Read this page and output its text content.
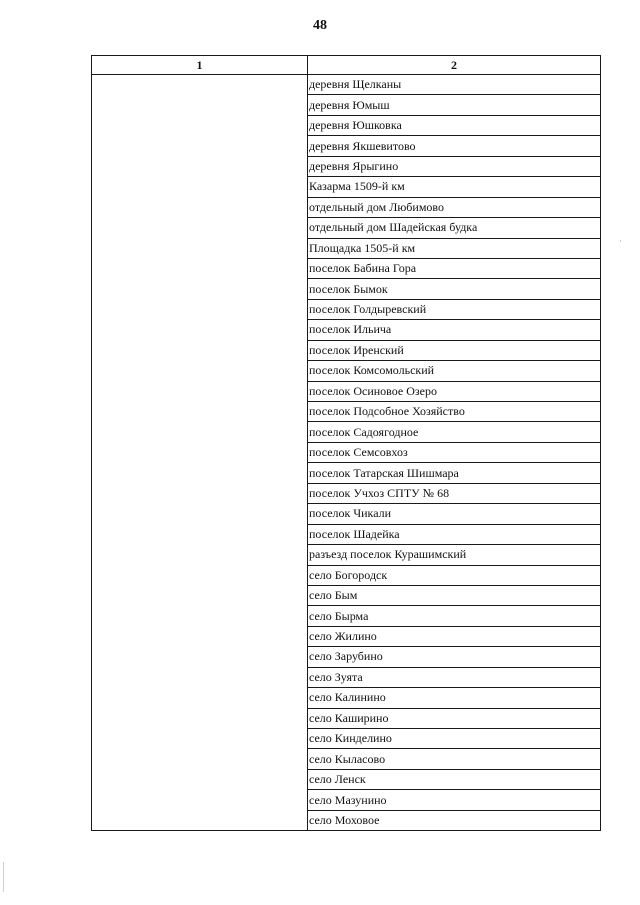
48
1	2
	деревня Щелканы
	деревня Юмыш
	деревня Юшковка
	деревня Якшевитово
	деревня Ярыгино
	Казарма 1509-й км
	отдельный дом Любимово
	отдельный дом Шадейская будка
	Площадка 1505-й км
	поселок Бабина Гора
	поселок Бымок
	поселок Голдыревский
	поселок Ильича
	поселок Иренский
	поселок Комсомольский
	поселок Осиновое Озеро
	поселок Подсобное Хозяйство
	поселок Садоягодное
	поселок Семсовхоз
	поселок Татарская Шишмара
	поселок Учхоз СПТУ № 68
	поселок Чикали
	поселок Шадейка
	разъезд поселок Курашимский
	село Богородск
	село Бым
	село Бырма
	село Жилино
	село Зарубино
	село Зуята
	село Калинино
	село Каширино
	село Кинделино
	село Кыласово
	село Ленск
	село Мазунино
	село Моховое
